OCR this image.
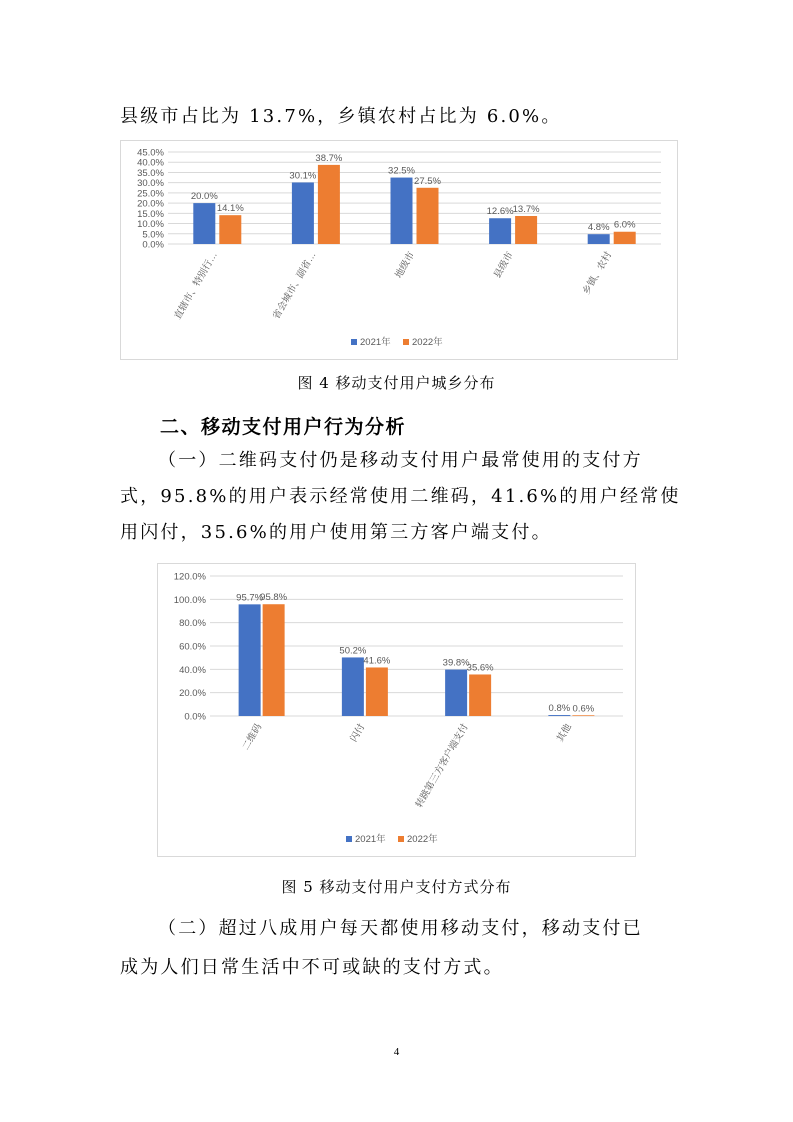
县级市占比为 13.7%，乡镇农村占比为 6.0%。

0.0%
5.0%
10.0%
15.0%
20.0%
25.0%
30.0%
35.0%
40.0%
45.0%
20.0%
14.1%
直辖市、特别行…
30.1%
38.7%
省会城市、副省…
32.5%
27.5%
地级市
12.6% 13.7%
县级市
4.8% 6.0%
乡镇、农村
2021年 2022年
图 4 移动支付用户城乡分布
二、移动支付用户行为分析

（一）二维码支付仍是移动支付用户最常使用的支付方

式，95.8%的用户表示经常使用二维码，41.6%的用户经常使

用闪付，35.6%的用户使用第三方客户端支付。

0.0%
20.0%
40.0%
60.0%
80.0%
100.0%
120.0%
95.7%
95.8%
二维码
50.2%
41.6%
闪付
39.8%
35.6%
转跳第三方客户端支付
0.8% 0.6%
其他
2021年 2022年
图 5 移动支付用户支付方式分布

（二）超过八成用户每天都使用移动支付，移动支付已

成为人们日常生活中不可或缺的支付方式。

4
